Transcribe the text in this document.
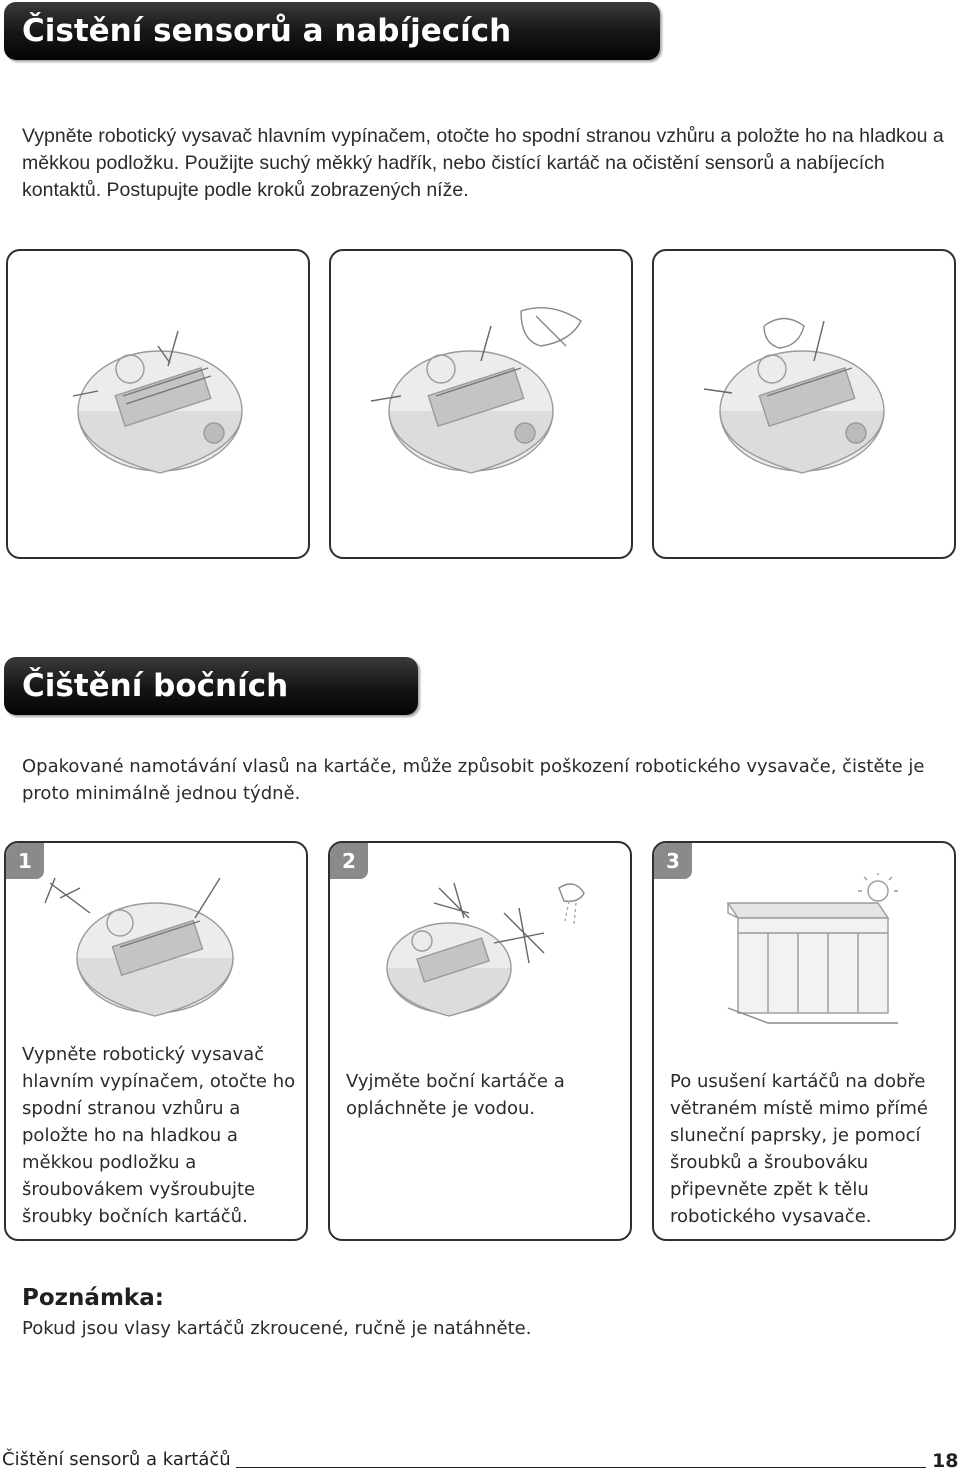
Čistění sensorů a nabíjecích kontaktů
Vypněte robotický vysavač hlavním vypínačem, otočte ho spodní stranou vzhůru a položte ho na hladkou a měkkou podložku. Použijte suchý měkký hadřík, nebo čistící kartáč na očistění sensorů a nabíjecích kontaktů. Postupujte podle kroků zobrazených níže.
Čištění bočních kartáčů
Opakované namotávání vlasů na kartáče, může způsobit poškození robotického vysavače, čistěte je proto minimálně jednou týdně.
1
Vypněte robotický vysavač hlavním vypínačem, otočte ho spodní stranou vzhůru a položte ho na hladkou a měkkou podložku a šroubovákem vyšroubujte šroubky bočních kartáčů.
2
Vyjměte boční kartáče a opláchněte je vodou.
3
Po usušení kartáčů na dobře větraném místě mimo přímé sluneční paprsky, je pomocí šroubků a šroubováku připevněte zpět k tělu robotického vysavače.
Poznámka:
Pokud jsou vlasy kartáčů zkroucené, ručně je natáhněte.
Čištění sensorů a kartáčů	18
